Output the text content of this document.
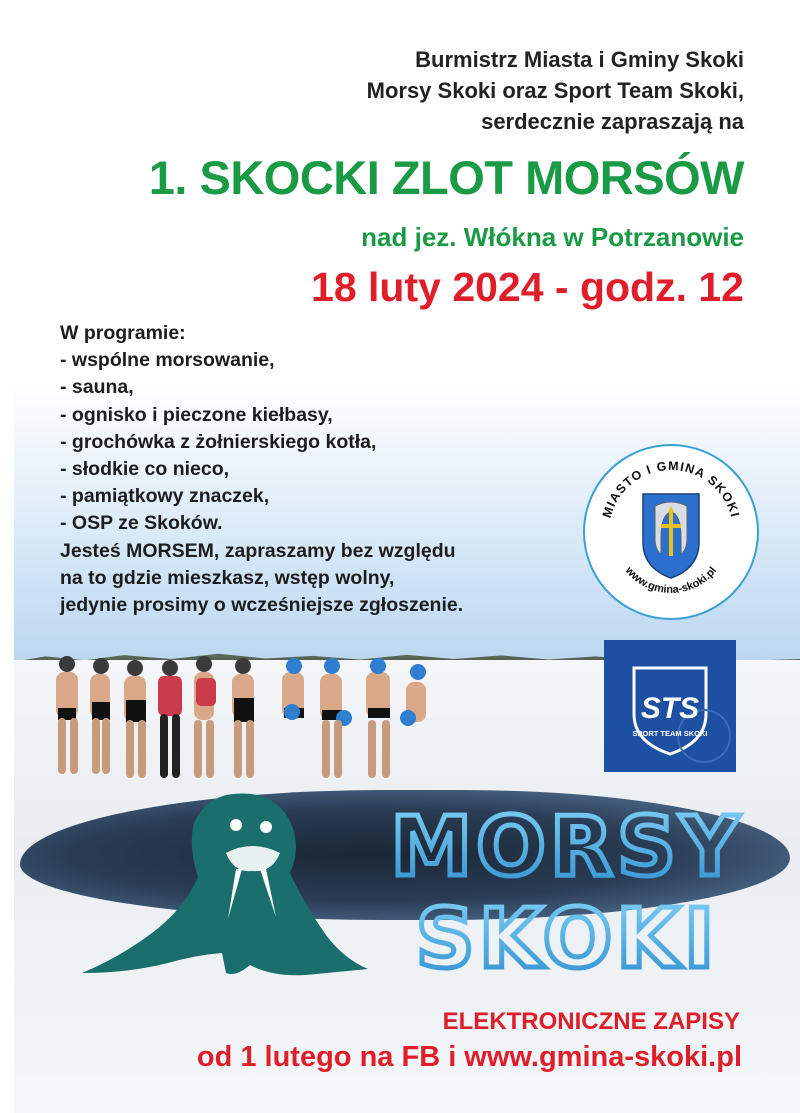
Burmistrz Miasta i Gminy Skoki
Morsy Skoki oraz Sport Team Skoki,
serdecznie zapraszają na
1. SKOCKI ZLOT MORSÓW
nad jez. Włókna w Potrzanowie
18 luty 2024 - godz. 12
W programie:
- wspólne morsowanie,
- sauna,
- ognisko i pieczone kiełbasy,
- grochówka z żołnierskiego kotła,
- słodkie co nieco,
- pamiątkowy znaczek,
- OSP ze Skoków.
Jesteś MORSEM, zapraszamy bez względu
na to gdzie mieszkasz, wstęp wolny,
jedynie prosimy o wcześniejsze zgłoszenie.
MIASTO I GMINA SKOKI
www.gmina-skoki.pl
STS
SPORT TEAM SKOKI
MORSY
SKOKI
ELEKTRONICZNE ZAPISY
od 1 lutego na FB i www.gmina-skoki.pl
